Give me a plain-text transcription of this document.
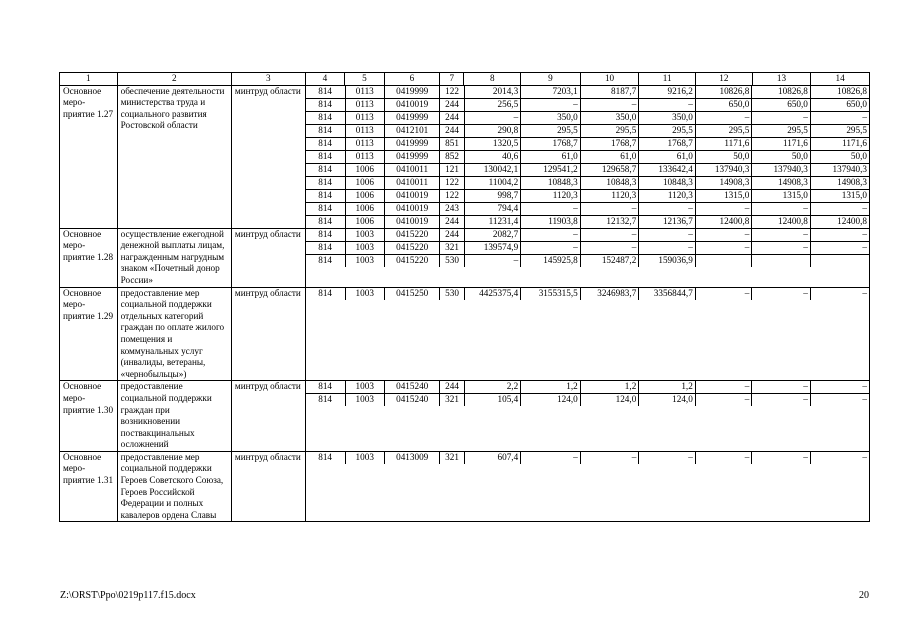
1	2	3	4	5	6	7	8	9	10	11	12	13	14
Основное меро-приятие 1.27	обеспечение деятельности министерства труда и социального развития Ростовской области	минтруд области	814	0113	0419999	122	2014,3	7203,1	8187,7	9216,2	10826,8	10826,8	10826,8
814	0113	0410019	244	256,5	–	–	–	650,0	650,0	650,0
814	0113	0419999	244	–	350,0	350,0	350,0	–	–	–
814	0113	0412101	244	290,8	295,5	295,5	295,5	295,5	295,5	295,5
814	0113	0419999	851	1320,5	1768,7	1768,7	1768,7	1171,6	1171,6	1171,6
814	0113	0419999	852	40,6	61,0	61,0	61,0	50,0	50,0	50,0
814	1006	0410011	121	130042,1	129541,2	129658,7	133642,4	137940,3	137940,3	137940,3
814	1006	0410011	122	11004,2	10848,3	10848,3	10848,3	14908,3	14908,3	14908,3
814	1006	0410019	122	998,7	1120,3	1120,3	1120,3	1315,0	1315,0	1315,0
814	1006	0410019	243	794,4	–	–	–	–	–	–
814	1006	0410019	244	11231,4	11903,8	12132,7	12136,7	12400,8	12400,8	12400,8

Основное меро-приятие 1.28	осуществление ежегодной денежной выплаты лицам, награжденным нагрудным знаком «Почетный донор России»	минтруд области	814	1003	0415220	244	2082,7	–	–	–	–	–	–
814	1003	0415220	321	139574,9	–	–	–	–	–	–
814	1003	0415220	530	–	145925,8	152487,2	159036,9			

Основное меро-приятие 1.29	предоставление мер социальной поддержки отдельных категорий граждан по оплате жилого помещения и коммунальных услуг (инвалиды, ветераны, «чернобыльцы»)	минтруд области	814	1003	0415250	530	4425375,4	3155315,5	3246983,7	3356844,7	–	–	–

Основное меро-приятие 1.30	предоставление социальной поддержки граждан при возникновении поствакцинальных осложнений	минтруд области	814	1003	0415240	244	2,2	1,2	1,2	1,2	–	–	–
814	1003	0415240	321	105,4	124,0	124,0	124,0	–	–	–

Основное меро-приятие 1.31	предоставление мер социальной поддержки Героев Советского Союза, Героев Российской Федерации и полных кавалеров ордена Славы	минтруд области	814	1003	0413009	321	607,4	–	–	–	–	–	–
Z:\ORST\Ppo\0219p117.f15.docx	20
